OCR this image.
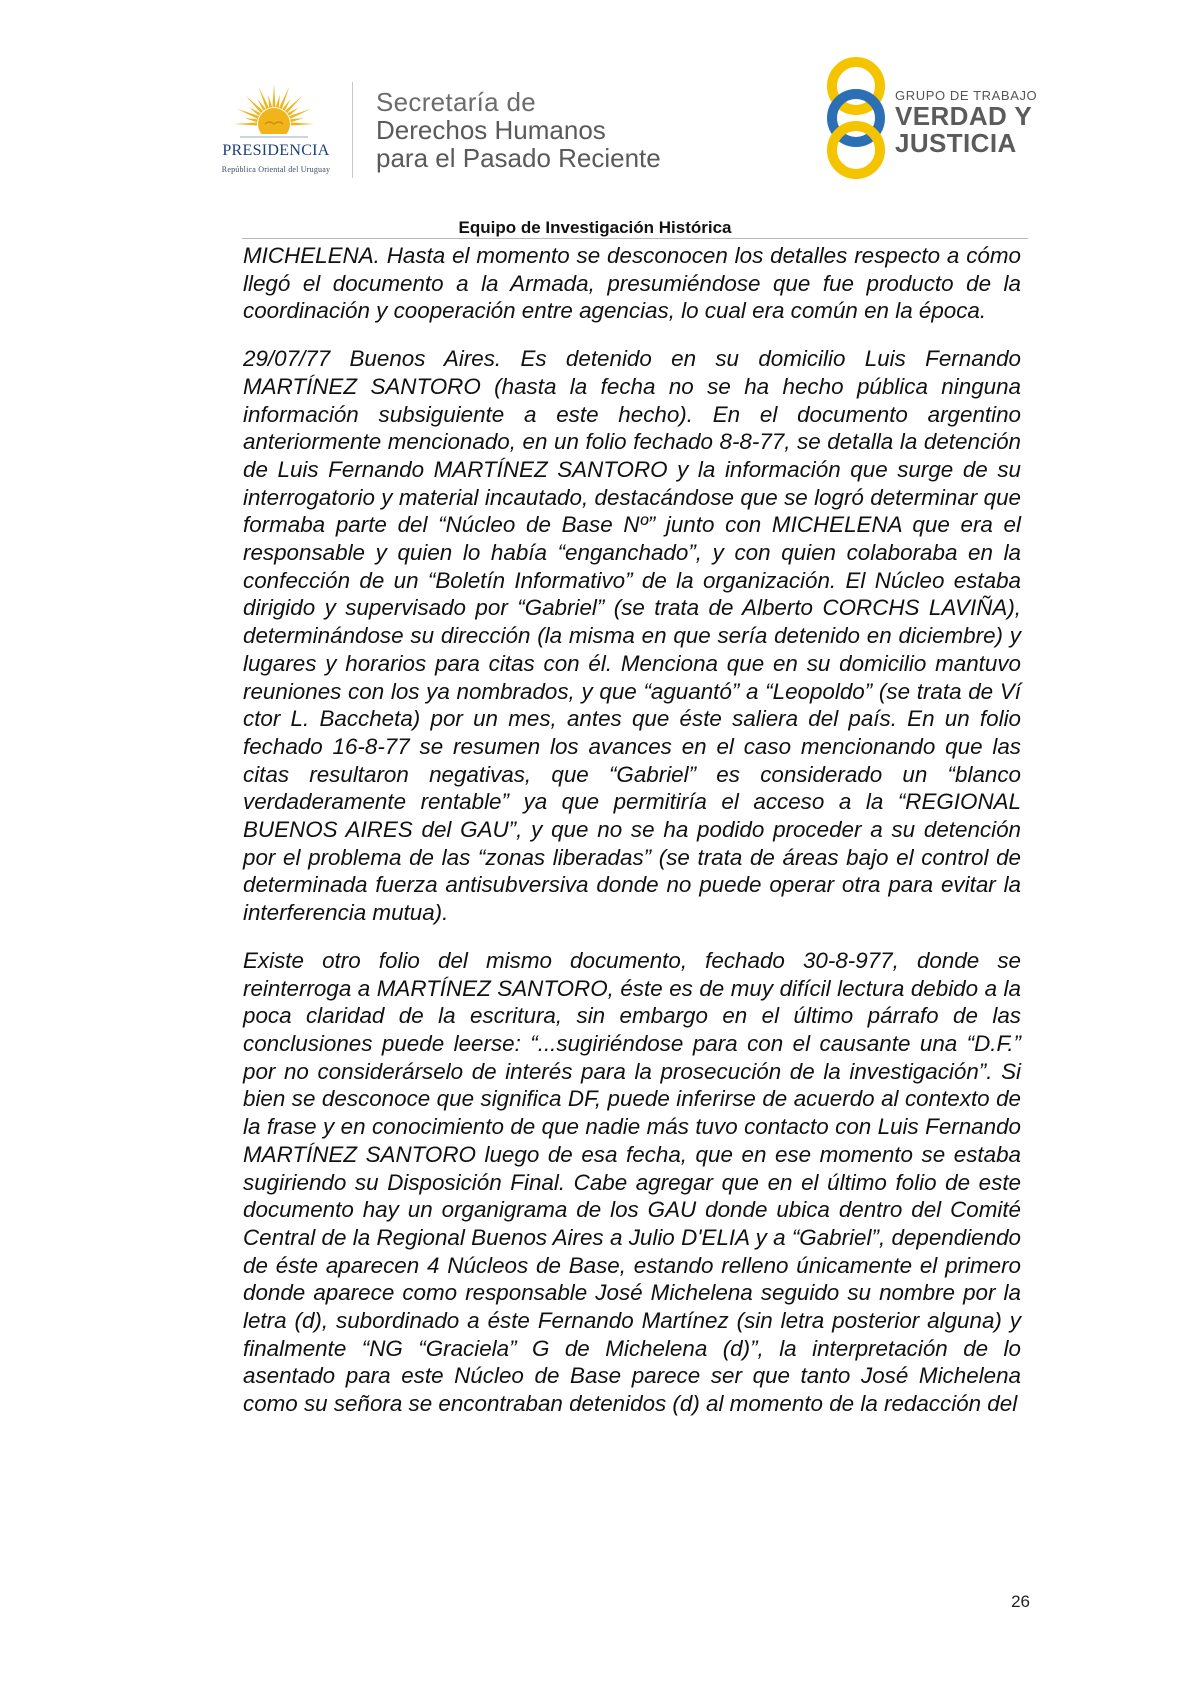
PRESIDENCIA
República Oriental del Uruguay
Secretaría de
Derechos Humanos
para el Pasado Reciente
GRUPO DE TRABAJO
VERDAD Y
JUSTICIA
Equipo de Investigación Histórica

MICHELENA. Hasta el momento se desconocen los detalles respecto a cómo llegó el documento a la Armada, presumiéndose que fue producto de la coordinación y cooperación entre agencias, lo cual era común en la época.

29/07/77 Buenos Aires. Es detenido en su domicilio Luis Fernando MARTÍNEZ SANTORO (hasta la fecha no se ha hecho pública ninguna información subsiguiente a este hecho). En el documento argentino anteriormente mencionado, en un folio fechado 8-8-77, se detalla la detención de Luis Fernando MARTÍNEZ SANTORO y la información que surge de su interrogatorio y material incautado, destacándose que se logró determinar que formaba parte del “Núcleo de Base Nº” junto con MICHELENA que era el responsable y quien lo había “enganchado”, y con quien colaboraba en la confección de un “Boletín Informativo” de la organización. El Núcleo estaba dirigido y supervisado por “Gabriel” (se trata de Alberto CORCHS LAVIÑA), determinándose su dirección (la misma en que sería detenido en diciembre) y lugares y horarios para citas con él. Menciona que en su domicilio mantuvo reuniones con los ya nombrados, y que “aguantó” a “Leopoldo” (se trata de Ví ctor L. Baccheta) por un mes, antes que éste saliera del país. En un folio fechado 16-8-77 se resumen los avances en el caso mencionando que las citas resultaron negativas, que “Gabriel” es considerado un “blanco verdaderamente rentable” ya que permitiría el acceso a la “REGIONAL BUENOS AIRES del GAU”, y que no se ha podido proceder a su detención por el problema de las “zonas liberadas” (se trata de áreas bajo el control de determinada fuerza antisubversiva donde no puede operar otra para evitar la interferencia mutua).

Existe otro folio del mismo documento, fechado 30-8-977, donde se reinterroga a MARTÍNEZ SANTORO, éste es de muy difícil lectura debido a la poca claridad de la escritura, sin embargo en el último párrafo de las conclusiones puede leerse: “...sugiriéndose para con el causante una “D.F.” por no considerárselo de interés para la prosecución de la investigación”. Si bien se desconoce que significa DF, puede inferirse de acuerdo al contexto de la frase y en conocimiento de que nadie más tuvo contacto con Luis Fernando MARTÍNEZ SANTORO luego de esa fecha, que en ese momento se estaba sugiriendo su Disposición Final. Cabe agregar que en el último folio de este documento hay un organigrama de los GAU donde ubica dentro del Comité Central de la Regional Buenos Aires a Julio D'ELIA y a “Gabriel”, dependiendo de éste aparecen 4 Núcleos de Base, estando relleno únicamente el primero donde aparece como responsable José Michelena seguido su nombre por la letra (d), subordinado a éste Fernando Martínez (sin letra posterior alguna) y finalmente “NG “Graciela” G de Michelena (d)”, la interpretación de lo asentado para este Núcleo de Base parece ser que tanto José Michelena como su señora se encontraban detenidos (d) al momento de la redacción del

26
